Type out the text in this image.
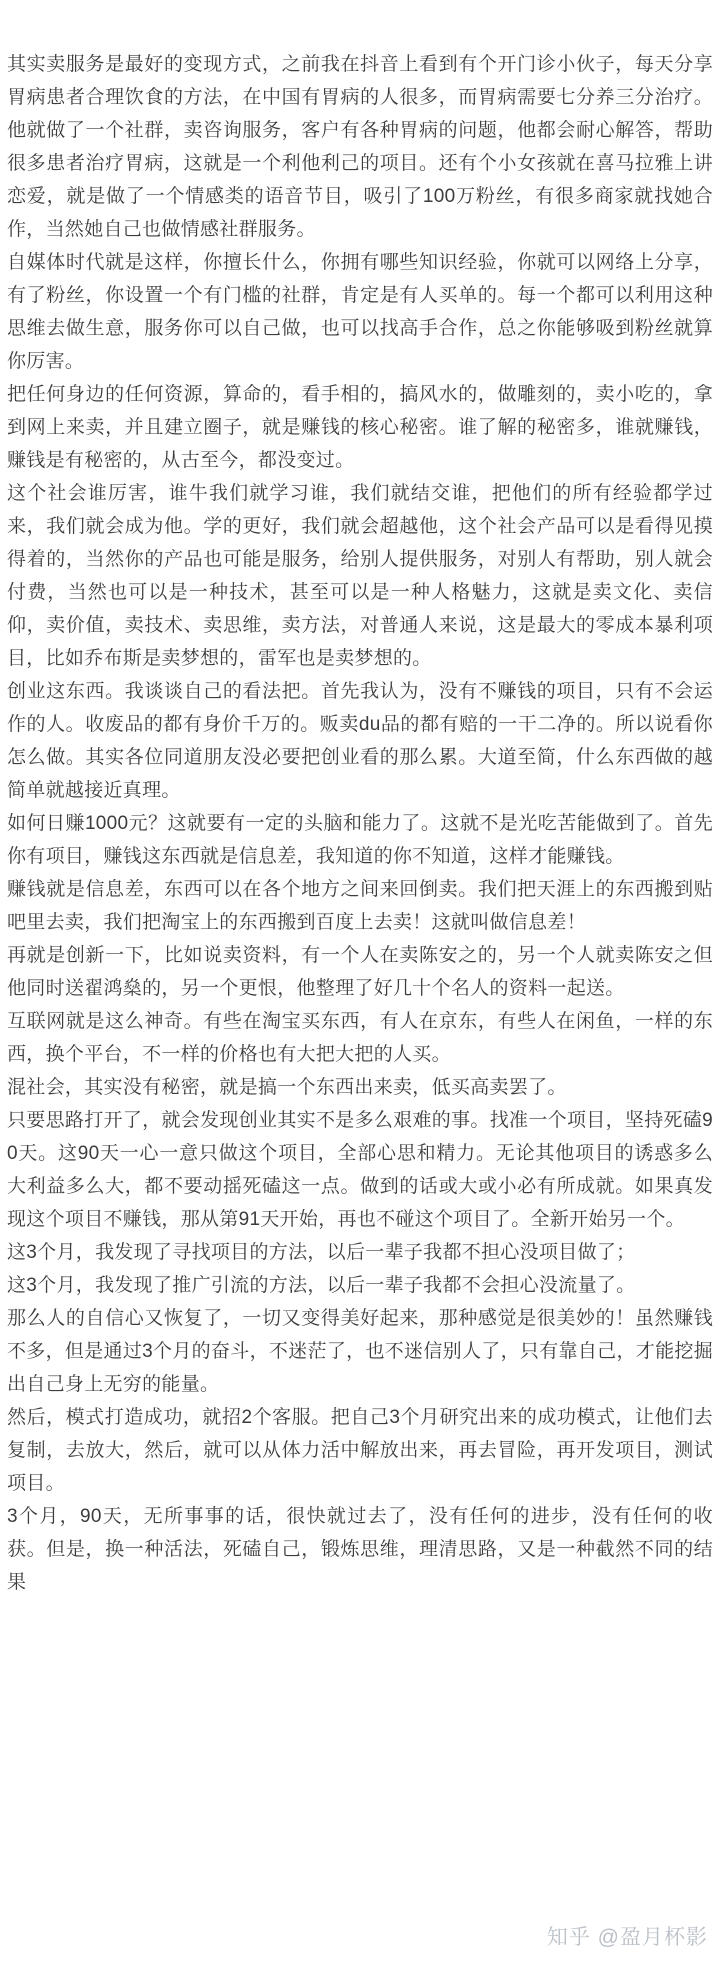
其实卖服务是最好的变现方式，之前我在抖音上看到有个开门诊小伙子，每天分享胃病患者合理饮食的方法，在中国有胃病的人很多，而胃病需要七分养三分治疗。他就做了一个社群，卖咨询服务，客户有各种胃病的问题，他都会耐心解答，帮助很多患者治疗胃病，这就是一个利他利己的项目。还有个小女孩就在喜马拉雅上讲恋爱，就是做了一个情感类的语音节目，吸引了100万粉丝，有很多商家就找她合作，当然她自己也做情感社群服务。

自媒体时代就是这样，你擅长什么，你拥有哪些知识经验，你就可以网络上分享，有了粉丝，你设置一个有门槛的社群，肯定是有人买单的。每一个都可以利用这种思维去做生意，服务你可以自己做，也可以找高手合作，总之你能够吸到粉丝就算你厉害。

把任何身边的任何资源，算命的，看手相的，搞风水的，做雕刻的，卖小吃的，拿到网上来卖，并且建立圈子，就是赚钱的核心秘密。谁了解的秘密多，谁就赚钱，赚钱是有秘密的，从古至今，都没变过。

这个社会谁厉害，谁牛我们就学习谁，我们就结交谁，把他们的所有经验都学过来，我们就会成为他。学的更好，我们就会超越他，这个社会产品可以是看得见摸得着的，当然你的产品也可能是服务，给别人提供服务，对别人有帮助，别人就会付费，当然也可以是一种技术，甚至可以是一种人格魅力，这就是卖文化、卖信仰，卖价值，卖技术、卖思维，卖方法，对普通人来说，这是最大的零成本暴利项目，比如乔布斯是卖梦想的，雷军也是卖梦想的。

创业这东西。我谈谈自己的看法把。首先我认为，没有不赚钱的项目，只有不会运作的人。收废品的都有身价千万的。贩卖du品的都有赔的一干二净的。所以说看你怎么做。其实各位同道朋友没必要把创业看的那么累。大道至简，什么东西做的越简单就越接近真理。

如何日赚1000元？这就要有一定的头脑和能力了。这就不是光吃苦能做到了。首先你有项目，赚钱这东西就是信息差，我知道的你不知道，这样才能赚钱。

赚钱就是信息差，东西可以在各个地方之间来回倒卖。我们把天涯上的东西搬到贴吧里去卖，我们把淘宝上的东西搬到百度上去卖！这就叫做信息差！

再就是创新一下，比如说卖资料，有一个人在卖陈安之的，另一个人就卖陈安之但他同时送翟鸿燊的，另一个更恨，他整理了好几十个名人的资料一起送。

互联网就是这么神奇。有些在淘宝买东西，有人在京东，有些人在闲鱼，一样的东西，换个平台，不一样的价格也有大把大把的人买。

混社会，其实没有秘密，就是搞一个东西出来卖，低买高卖罢了。

只要思路打开了，就会发现创业其实不是多么艰难的事。找准一个项目，坚持死磕90天。这90天一心一意只做这个项目，全部心思和精力。无论其他项目的诱惑多么大利益多么大，都不要动摇死磕这一点。做到的话或大或小必有所成就。如果真发现这个项目不赚钱，那从第91天开始，再也不碰这个项目了。全新开始另一个。

这3个月，我发现了寻找项目的方法，以后一辈子我都不担心没项目做了；

这3个月，我发现了推广引流的方法，以后一辈子我都不会担心没流量了。

那么人的自信心又恢复了，一切又变得美好起来，那种感觉是很美妙的！虽然赚钱不多，但是通过3个月的奋斗，不迷茫了，也不迷信别人了，只有靠自己，才能挖掘出自己身上无穷的能量。

然后，模式打造成功，就招2个客服。把自己3个月研究出来的成功模式，让他们去复制，去放大，然后，就可以从体力活中解放出来，再去冒险，再开发项目，测试项目。

3个月，90天，无所事事的话，很快就过去了，没有任何的进步，没有任何的收获。但是，换一种活法，死磕自己，锻炼思维，理清思路，又是一种截然不同的结果

知乎 @盈月杯影
